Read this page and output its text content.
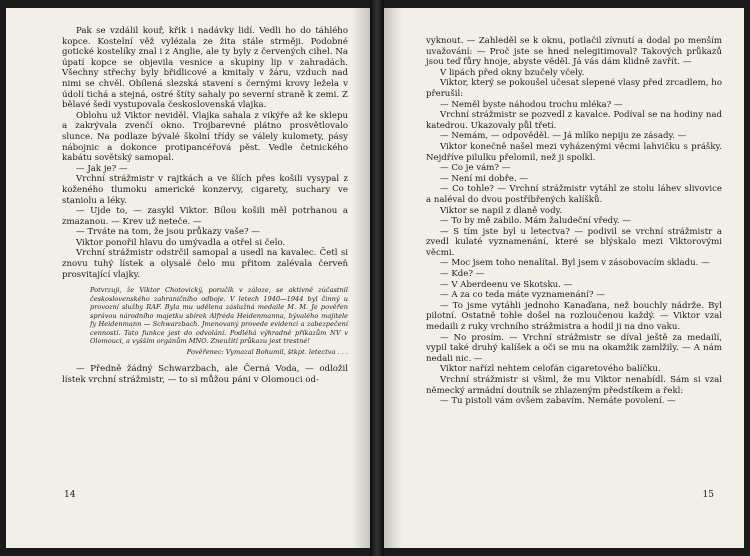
Pak se vzdálil kouř, křik i nadávky lidí. Vedli ho do táhlého kopce. Kostelní věž vylézala ze žita stále strměji. Podobné gotické kostelíky znal i z Anglie, ale ty byly z červených cihel. Na úpatí kopce se objevila vesnice a skupiny lip v zahradách. Všechny střechy byly břidlicové a kmitaly v žáru, vzduch nad nimi se chvěl. Obílená slezská stavení s černými krovy ležela v údolí tichá a stejná, ostré štíty sahaly po severní straně k zemi. Z bělavé šedi vystupovala československá vlajka.

Oblohu už Viktor neviděl. Vlajka sahala z vikýře až ke sklepu a zakrývala zvenčí okno. Trojbarevné plátno prosvětlovalo slunce. Na podlaze bývalé školní třídy se válely kulomety, pásy nábojnic a dokonce protipancéřová pěst. Vedle četnického kabátu sovětský samopal.

— Jak je? —

Vrchní strážmistr v rajtkách a ve šlích přes košili vysypal z koženého tlumoku americké konzervy, cigarety, suchary ve staniolu a léky.

— Ujde to, — zasykl Viktor. Bílou košili měl potrhanou a zmazanou. — Krev už neteče. —

— Trváte na tom, že jsou průkazy vaše? —

Viktor ponořil hlavu do umývadla a otřel si čelo.

Vrchní strážmistr odstrčil samopal a usedl na kavalec. Četl si znovu tuhý lístek a olysalé čelo mu přitom zalévala červeň prosvitající vlajky.

Potvrzuji, že Viktor Chotovický, poručík v záloze, se aktivně zúčastnil československého zahraničního odboje. V letech 1940—1944 byl činný u provozní služby RAF. Byla mu udělena záslužná medaile M. M. Je pověřen správou národního majetku sbírek Alfréda Heidenmanna, bývalého majitele fy Heidenmann — Schwarzbach. Jmenovaný provede evidenci a zabezpečení cenností. Tato funkce jest do odvolání. Podléhá výhradně příkazům NV v Olomouci, a vyšším orgánům MNO. Zneužití průkazu jest trestné!
Pověřenec: Vymazal Bohumil, štkpt. letectva . . .

— Předně žádný Schwarzbach, ale Černá Voda, — odložil lístek vrchní strážmistr, — to si můžou páni v Olomouci od-

14

vyknout. — Zahleděl se k oknu, potlačil zívnutí a dodal po menším uvažování: — Proč jste se hned nelegitimoval? Takových průkazů jsou teď fůry hnoje, abyste věděl. Já vás dám klidně zavřít. —

V lipách před okny bzučely včely.

Viktor, který se pokoušel učesat slepené vlasy před zrcadlem, ho přerušil:

— Neměl byste náhodou trochu mléka? —

Vrchní strážmistr se pozvedl z kavalce. Podíval se na hodiny nad katedrou. Ukazovaly půl třetí.

— Nemám, — odpověděl. — Já mlíko nepiju ze zásady. —

Viktor konečně našel mezi vyházenými věcmi lahvičku s prášky. Nejdříve pilulku přelomil, než ji spolkl.

— Co je vám? —

— Není mi dobře. —

— Co tohle? — Vrchní strážmistr vytáhl ze stolu láhev slivovice a naléval do dvou postříbřených kalíšků.

Viktor se napil z dlaně vody.

— To by mě zabilo. Mám žaludeční vředy. —

— S tím jste byl u letectva? — podivil se vrchní strážmistr a zvedl kulaté vyznamenání, které se blýskalo mezi Viktorovými věcmi.

— Moc jsem toho nenalítal. Byl jsem v zásobovacím skladu. —

— Kde? —

— V Aberdeenu ve Skotsku. —

— A za co teda máte vyznamenání? —

— To jsme vytáhli jednoho Kanaďana, než bouchly nádrže. Byl pilotní. Ostatně tohle došel na rozloučenou každý. — Viktor vzal medaili z ruky vrchního strážmistra a hodil ji na dno vaku.

— No prosím. — Vrchní strážmistr se díval ještě za medailí, vypil také druhý kalíšek a oči se mu na okamžik zamlžily. — A nám nedali nic. —

Viktor nařízl nehtem celofán cigaretového balíčku.

Vrchní strážmistr si všiml, že mu Viktor nenabídl. Sám si vzal německý armádní doutník se zhlazeným předstíkem a řekl:

— Tu pistoli vám ovšem zabavím. Nemáte povolení. —

15
